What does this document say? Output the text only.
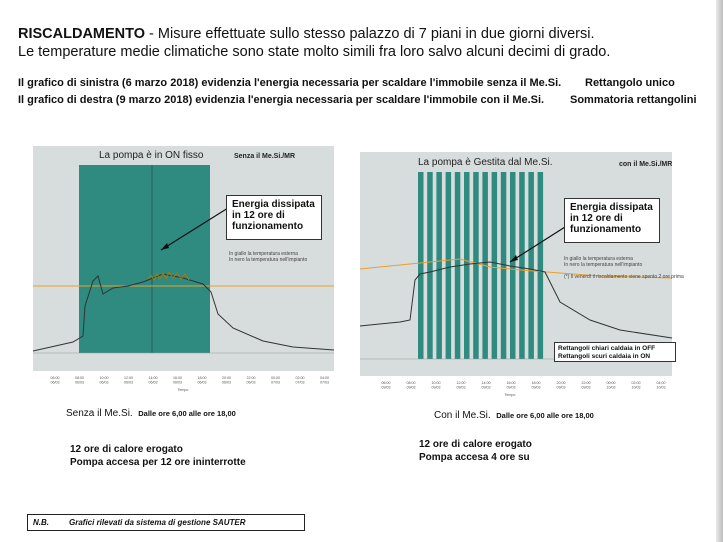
RISCALDAMENTO - Misure effettuate sullo stesso palazzo di 7 piani in due giorni diversi.
Le temperature medie climatiche sono state molto simili fra loro salvo alcuni decimi di grado.
Il grafico di sinistra (6 marzo 2018) evidenzia l'energia necessaria per scaldare l'immobile senza il Me.Si.
Il grafico di destra (9 marzo 2018) evidenzia l'energia necessaria per scaldare l'immobile con il Me.Si.
Rettangolo unico
Sommatoria rettangolini
06:00 06/03
08:00 06/03
10:00 06/03
12:00 06/03
14:00 06/03
16:00 06/03
18:00 06/03
20:00 06/03
22:00 06/03
00:00 07/03
02:00 07/03
04:00 07/03
Tempo
La pompa è in ON fisso	Senza il Me.Si./MR
Energia dissipata
in 12 ore di
funzionamento
In giallo la temperatura esterna
In nero la temperatura nell'impianto
Senza il Me.Si. Dalle ore 6,00 alle ore 18,00
12 ore di calore erogato
Pompa accesa per 12 ore ininterrotte
06:00 09/03
08:00 09/03
10:00 09/03
12:00 09/03
14:00 09/03
16:00 09/03
18:00 09/03
20:00 09/03
22:00 09/03
00:00 10/03
02:00 10/03
04:00 10/03
Tempo
La pompa è Gestita dal Me.Si.	con il Me.Si./MR
Energia dissipata
in 12 ore di
funzionamento
In giallo la temperatura esterna
In nero la temperatura nell'impianto
(*) Il venerdì il riscaldamento viene spento 2 ore prima
Rettangoli chiari caldaia in OFF
Rettangoli scuri caldaia in ON
Con il Me.Si. Dalle ore 6,00 alle ore 18,00
12 ore di calore erogato
Pompa accesa 4 ore su
N.B.	Grafici rilevati da sistema di gestione SAUTER
